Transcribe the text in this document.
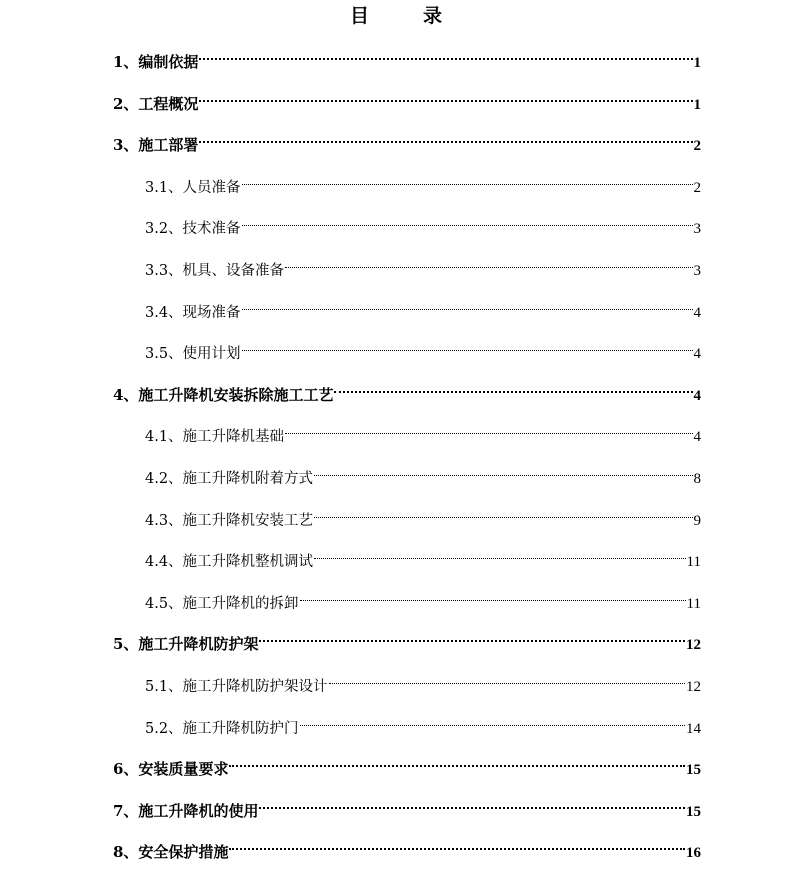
目	录
1、编制依据	1
2、工程概况	1
3、施工部署	2
3.1、人员准备	2
3.2、技术准备	3
3.3、机具、设备准备	3
3.4、现场准备	4
3.5、使用计划	4
4、施工升降机安装拆除施工工艺	4
4.1、施工升降机基础	4
4.2、施工升降机附着方式	8
4.3、施工升降机安装工艺	9
4.4、施工升降机整机调试	11
4.5、施工升降机的拆卸	11
5、施工升降机防护架	12
5.1、施工升降机防护架设计	12
5.2、施工升降机防护门	14
6、安装质量要求	15
7、施工升降机的使用	15
8、安全保护措施	16
